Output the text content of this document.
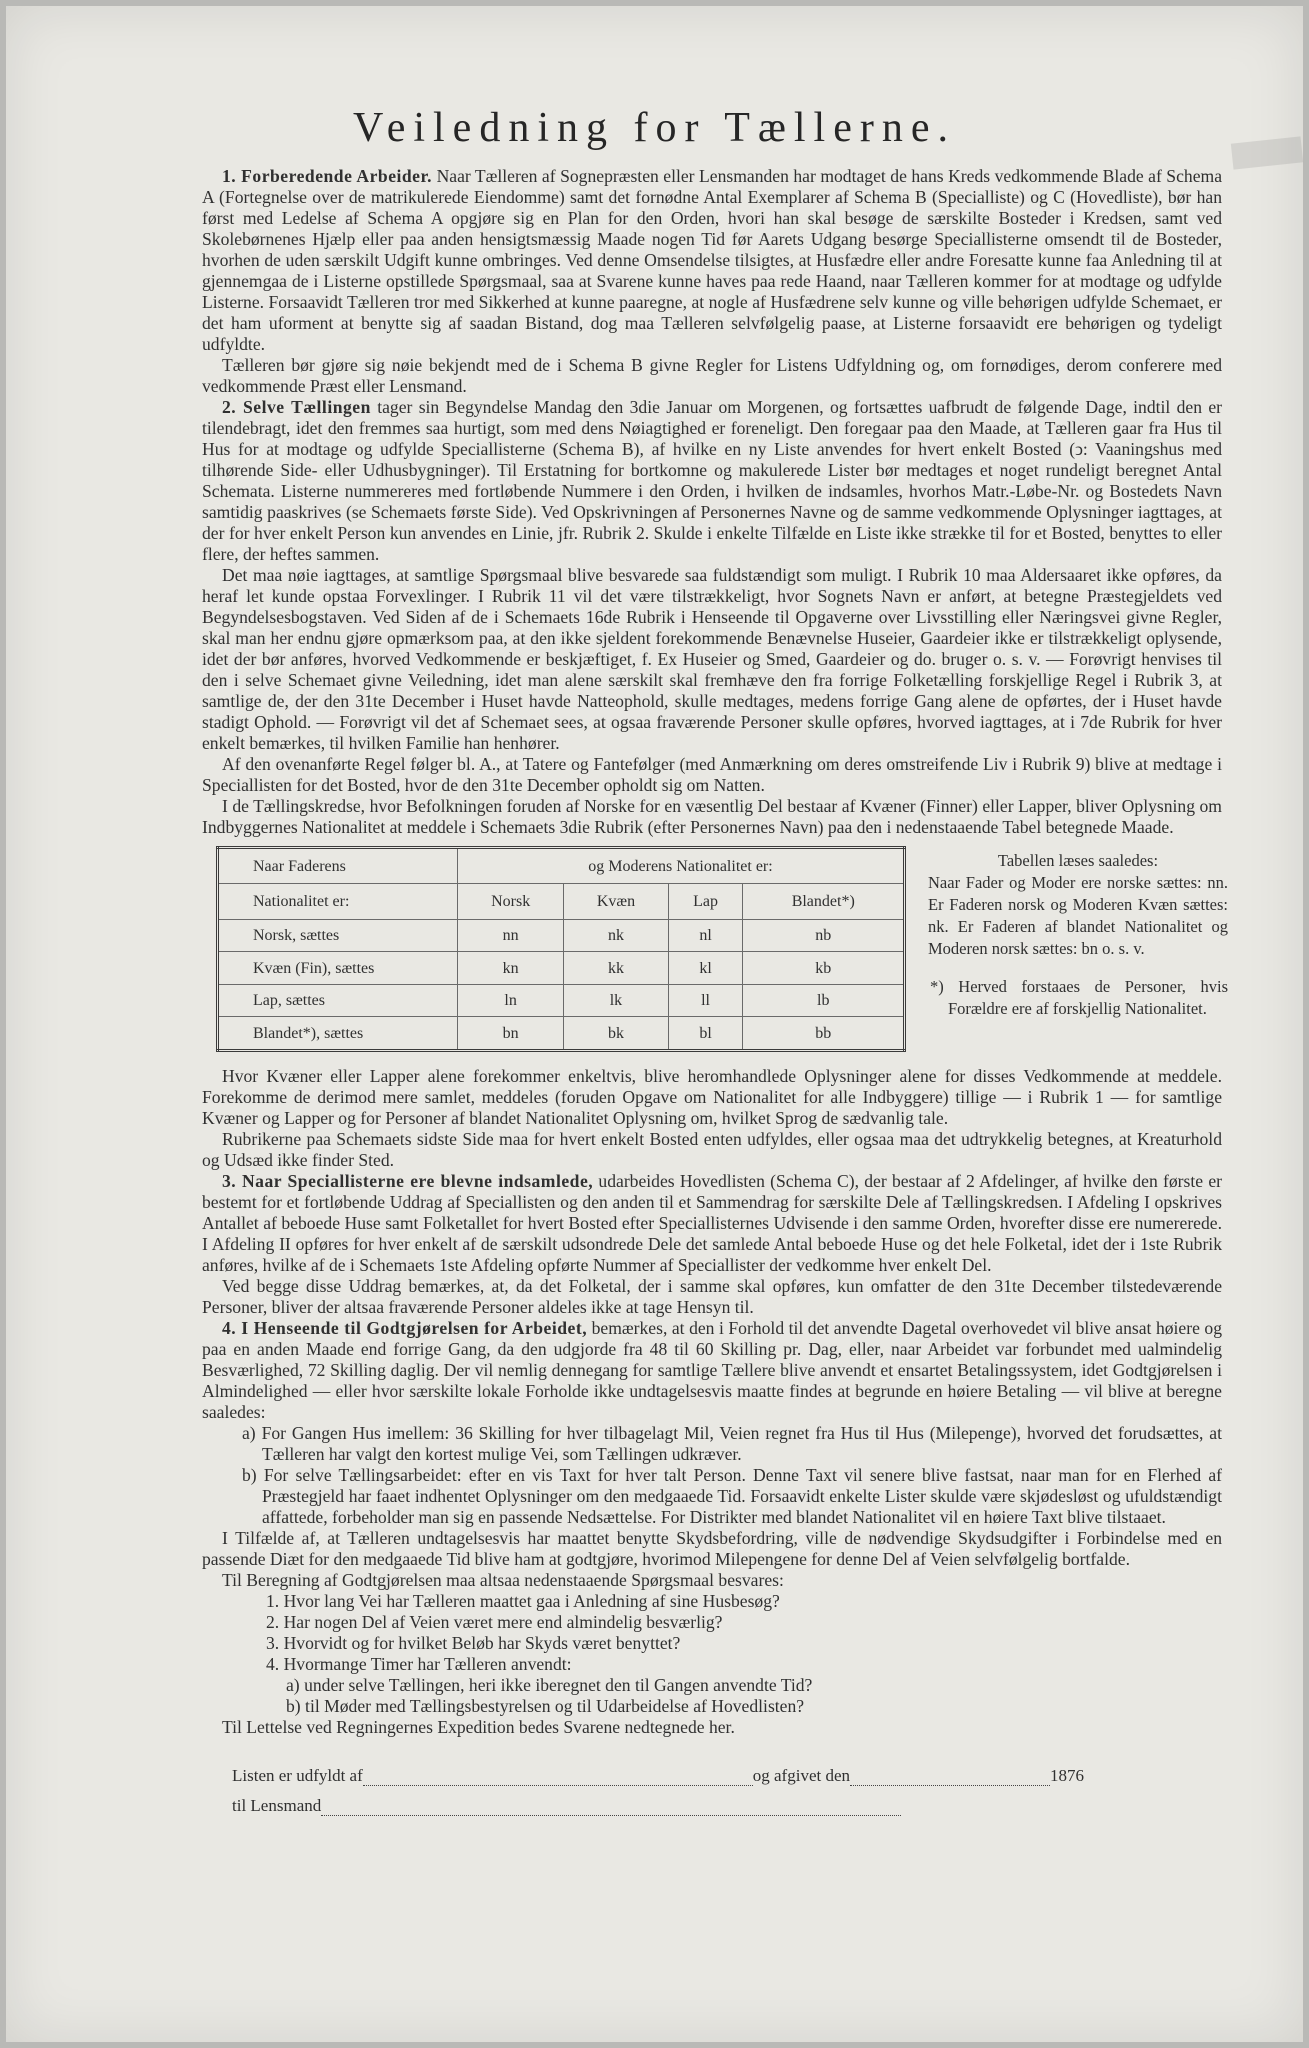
Veiledning for Tællerne.

1. Forberedende Arbeider. Naar Tælleren af Sognepræsten eller Lensmanden har modtaget de hans Kreds vedkommende Blade af Schema A (Fortegnelse over de matrikulerede Eiendomme) samt det fornødne Antal Exemplarer af Schema B (Specialliste) og C (Hovedliste), bør han først med Ledelse af Schema A opgjøre sig en Plan for den Orden, hvori han skal besøge de særskilte Bosteder i Kredsen, samt ved Skolebørnenes Hjælp eller paa anden hensigtsmæssig Maade nogen Tid før Aarets Udgang besørge Speciallisterne omsendt til de Bosteder, hvorhen de uden særskilt Udgift kunne ombringes. Ved denne Omsendelse tilsigtes, at Husfædre eller andre Foresatte kunne faa Anledning til at gjennemgaa de i Listerne opstillede Spørgsmaal, saa at Svarene kunne haves paa rede Haand, naar Tælleren kommer for at modtage og udfylde Listerne. Forsaavidt Tælleren tror med Sikkerhed at kunne paaregne, at nogle af Husfædrene selv kunne og ville behørigen udfylde Schemaet, er det ham uforment at benytte sig af saadan Bistand, dog maa Tælleren selvfølgelig paase, at Listerne forsaavidt ere behørigen og tydeligt udfyldte.

Tælleren bør gjøre sig nøie bekjendt med de i Schema B givne Regler for Listens Udfyldning og, om fornødiges, derom conferere med vedkommende Præst eller Lensmand.

2. Selve Tællingen tager sin Begyndelse Mandag den 3die Januar om Morgenen, og fortsættes uafbrudt de følgende Dage, indtil den er tilendebragt, idet den fremmes saa hurtigt, som med dens Nøiagtighed er foreneligt. Den foregaar paa den Maade, at Tælleren gaar fra Hus til Hus for at modtage og udfylde Speciallisterne (Schema B), af hvilke en ny Liste anvendes for hvert enkelt Bosted (ↄ: Vaaningshus med tilhørende Side- eller Udhusbygninger). Til Erstatning for bortkomne og makulerede Lister bør medtages et noget rundeligt beregnet Antal Schemata. Listerne nummereres med fortløbende Nummere i den Orden, i hvilken de indsamles, hvorhos Matr.-Løbe-Nr. og Bostedets Navn samtidig paaskrives (se Schemaets første Side). Ved Opskrivningen af Personernes Navne og de samme vedkommende Oplysninger iagttages, at der for hver enkelt Person kun anvendes en Linie, jfr. Rubrik 2. Skulde i enkelte Tilfælde en Liste ikke strække til for et Bosted, benyttes to eller flere, der heftes sammen.

Det maa nøie iagttages, at samtlige Spørgsmaal blive besvarede saa fuldstændigt som muligt. I Rubrik 10 maa Aldersaaret ikke opføres, da heraf let kunde opstaa Forvexlinger. I Rubrik 11 vil det være tilstrækkeligt, hvor Sognets Navn er anført, at betegne Præstegjeldets ved Begyndelsesbogstaven. Ved Siden af de i Schemaets 16de Rubrik i Henseende til Opgaverne over Livsstilling eller Næringsvei givne Regler, skal man her endnu gjøre opmærksom paa, at den ikke sjeldent forekommende Benævnelse Huseier, Gaardeier ikke er tilstrækkeligt oplysende, idet der bør anføres, hvorved Vedkommende er beskjæftiget, f. Ex Huseier og Smed, Gaardeier og do. bruger o. s. v. — Forøvrigt henvises til den i selve Schemaet givne Veiledning, idet man alene særskilt skal fremhæve den fra forrige Folketælling forskjellige Regel i Rubrik 3, at samtlige de, der den 31te December i Huset havde Natteophold, skulle medtages, medens forrige Gang alene de opførtes, der i Huset havde stadigt Ophold. — Forøvrigt vil det af Schemaet sees, at ogsaa fraværende Personer skulle opføres, hvorved iagttages, at i 7de Rubrik for hver enkelt bemærkes, til hvilken Familie han henhører.

Af den ovenanførte Regel følger bl. A., at Tatere og Fantefølger (med Anmærkning om deres omstreifende Liv i Rubrik 9) blive at medtage i Speciallisten for det Bosted, hvor de den 31te December opholdt sig om Natten.

I de Tællingskredse, hvor Befolkningen foruden af Norske for en væsentlig Del bestaar af Kvæner (Finner) eller Lapper, bliver Oplysning om Indbyggernes Nationalitet at meddele i Schemaets 3die Rubrik (efter Personernes Navn) paa den i nedenstaaende Tabel betegnede Maade.

Naar Faderens	og Moderens Nationalitet er:			
Nationalitet er:	Norsk	Kvæn	Lap	Blandet*)
Norsk, sættes	nn	nk	nl	nb
Kvæn (Fin), sættes	kn	kk	kl	kb
Lap, sættes	ln	lk	ll	lb
Blandet*), sættes	bn	bk	bl	bb
Tabellen læses saaledes:
Naar Fader og Moder ere norske sættes: nn. Er Faderen norsk og Moderen Kvæn sættes: nk. Er Faderen af blandet Nationalitet og Moderen norsk sættes: bn o. s. v.
*) Herved forstaaes de Personer, hvis Forældre ere af forskjellig Nationalitet.

Hvor Kvæner eller Lapper alene forekommer enkeltvis, blive heromhandlede Oplysninger alene for disses Vedkommende at meddele. Forekomme de derimod mere samlet, meddeles (foruden Opgave om Nationalitet for alle Indbyggere) tillige — i Rubrik 1 — for samtlige Kvæner og Lapper og for Personer af blandet Nationalitet Oplysning om, hvilket Sprog de sædvanlig tale.

Rubrikerne paa Schemaets sidste Side maa for hvert enkelt Bosted enten udfyldes, eller ogsaa maa det udtrykkelig betegnes, at Kreaturhold og Udsæd ikke finder Sted.

3. Naar Speciallisterne ere blevne indsamlede, udarbeides Hovedlisten (Schema C), der bestaar af 2 Afdelinger, af hvilke den første er bestemt for et fortløbende Uddrag af Speciallisten og den anden til et Sammendrag for særskilte Dele af Tællingskredsen. I Afdeling I opskrives Antallet af beboede Huse samt Folketallet for hvert Bosted efter Speciallisternes Udvisende i den samme Orden, hvorefter disse ere numererede. I Afdeling II opføres for hver enkelt af de særskilt udsondrede Dele det samlede Antal beboede Huse og det hele Folketal, idet der i 1ste Rubrik anføres, hvilke af de i Schemaets 1ste Afdeling opførte Nummer af Speciallister der vedkomme hver enkelt Del.

Ved begge disse Uddrag bemærkes, at, da det Folketal, der i samme skal opføres, kun omfatter de den 31te December tilstedeværende Personer, bliver der altsaa fraværende Personer aldeles ikke at tage Hensyn til.

4. I Henseende til Godtgjørelsen for Arbeidet, bemærkes, at den i Forhold til det anvendte Dagetal overhovedet vil blive ansat høiere og paa en anden Maade end forrige Gang, da den udgjorde fra 48 til 60 Skilling pr. Dag, eller, naar Arbeidet var forbundet med ualmindelig Besværlighed, 72 Skilling daglig. Der vil nemlig dennegang for samtlige Tællere blive anvendt et ensartet Betalingssystem, idet Godtgjørelsen i Almindelighed — eller hvor særskilte lokale Forholde ikke undtagelsesvis maatte findes at begrunde en høiere Betaling — vil blive at beregne saaledes:

a) For Gangen Hus imellem: 36 Skilling for hver tilbagelagt Mil, Veien regnet fra Hus til Hus (Milepenge), hvorved det forudsættes, at Tælleren har valgt den kortest mulige Vei, som Tællingen udkræver.

b) For selve Tællingsarbeidet: efter en vis Taxt for hver talt Person. Denne Taxt vil senere blive fastsat, naar man for en Flerhed af Præstegjeld har faaet indhentet Oplysninger om den medgaaede Tid. Forsaavidt enkelte Lister skulde være skjødesløst og ufuldstændigt affattede, forbeholder man sig en passende Nedsættelse. For Distrikter med blandet Nationalitet vil en høiere Taxt blive tilstaaet.

I Tilfælde af, at Tælleren undtagelsesvis har maattet benytte Skydsbefordring, ville de nødvendige Skydsudgifter i Forbindelse med en passende Diæt for den medgaaede Tid blive ham at godtgjøre, hvorimod Milepengene for denne Del af Veien selvfølgelig bortfalde.

Til Beregning af Godtgjørelsen maa altsaa nedenstaaende Spørgsmaal besvares:

1. Hvor lang Vei har Tælleren maattet gaa i Anledning af sine Husbesøg?

2. Har nogen Del af Veien været mere end almindelig besværlig?

3. Hvorvidt og for hvilket Beløb har Skyds været benyttet?

4. Hvormange Timer har Tælleren anvendt:

a) under selve Tællingen, heri ikke iberegnet den til Gangen anvendte Tid?

b) til Møder med Tællingsbestyrelsen og til Udarbeidelse af Hovedlisten?

Til Lettelse ved Regningernes Expedition bedes Svarene nedtegnede her.

Listen er udfyldt af	og afgivet den	1876
til Lensmand
